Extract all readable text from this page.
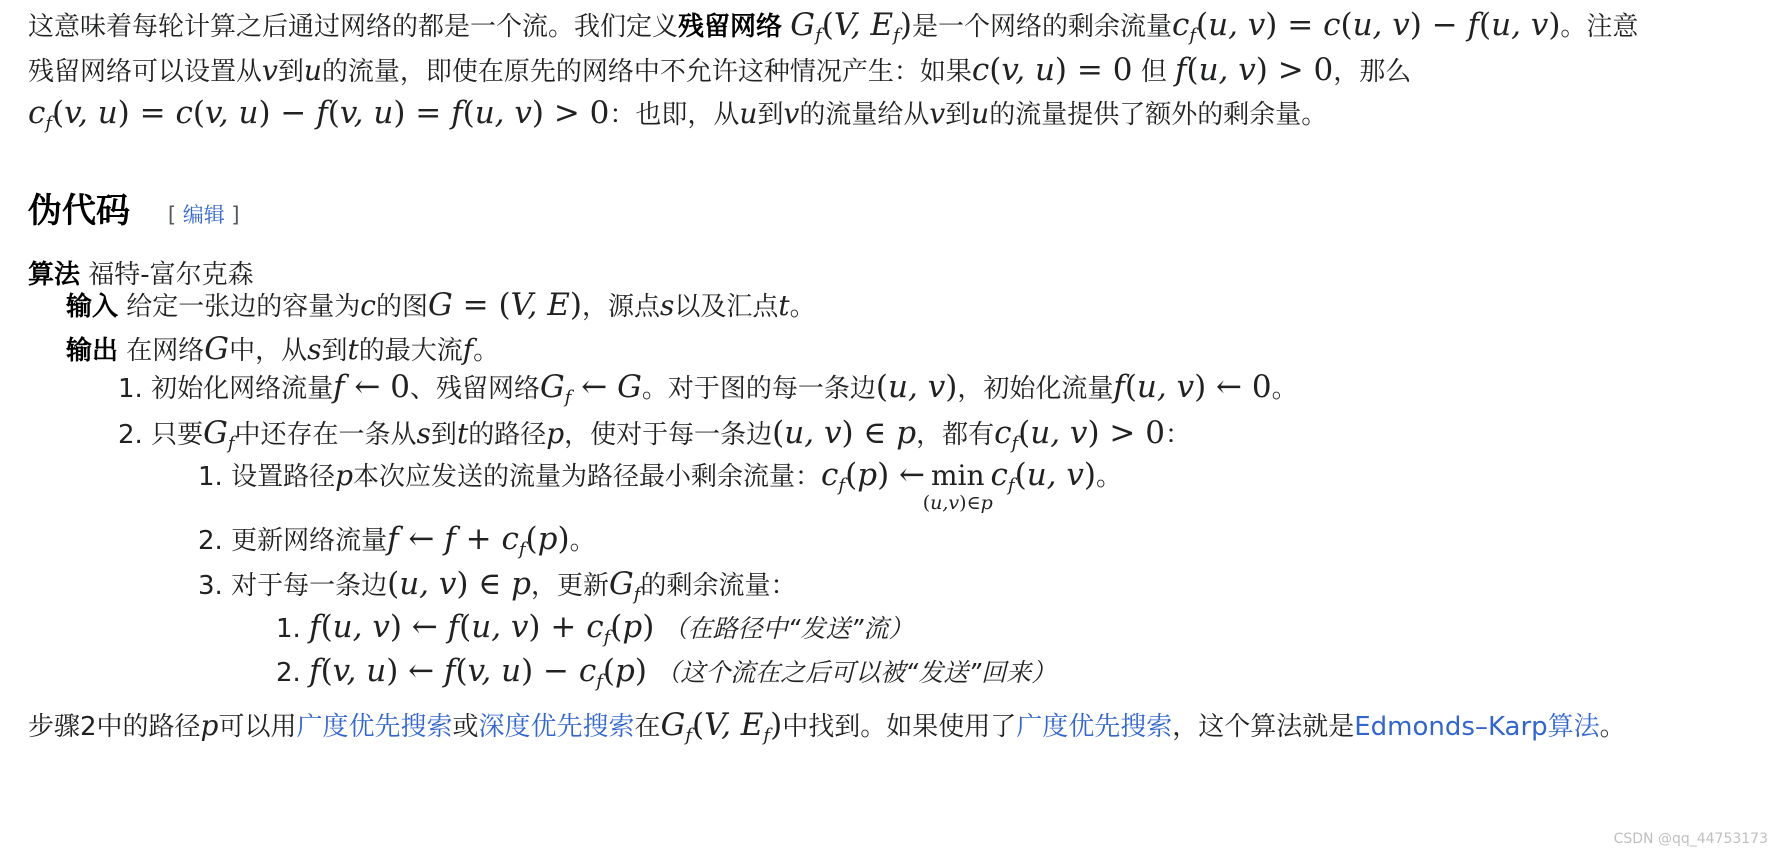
这意味着每轮计算之后通过网络的都是一个流。我们定义残留网络 $G_f(V$, $E_f$)是一个网络的剩余流量$c_f(u$, v) = c(u, v) − f(u, v)。注意
残留网络可以设置从v到u的流量，即使在原先的网络中不允许这种情况产生：如果c(v, u) = 0 但 f(u, v) > 0，那么
$c_f(v$, u) = c(v, u) − f(v, u) = f(u, v) > 0：也即，从u到v的流量给从v到u的流量提供了额外的剩余量。
伪代码 [ 编辑 ]
算法 福特-富尔克森
输入 给定一张边的容量为c的图G = (V, E)，源点s以及汇点t。
输出 在网络G中，从s到t的最大流f。
1. 初始化网络流量f ← 0、残留网络$G_f$ ← G。对于图的每一条边(u, v)，初始化流量f(u, v) ← 0。
2. 只要$G_f$中还存在一条从s到t的路径p，使对于每一条边(u, v) ∈ p，都有$c_f(u$, v) > 0：
1. 设置路径p本次应发送的流量为路径最小剩余流量：$c_f(p)$ ← min
(u,v)∈p
$c_f(u$, v)。
2. 更新网络流量f ← $f + c_f(p)$。
3. 对于每一条边(u, v) ∈ p，更新$G_f$的剩余流量：
1. f(u, v) ← f(u, $v) + c_f(p)$ （在路径中“发送”流）
2. f(v, u) ← f(v, $u) - c_f(p)$ （这个流在之后可以被“发送”回来）
步骤2中的路径p可以用广度优先搜索或深度优先搜索在$G_f(V$, $E_f$)中找到。如果使用了广度优先搜索，这个算法就是Edmonds–Karp算法。
CSDN @qq_44753173
